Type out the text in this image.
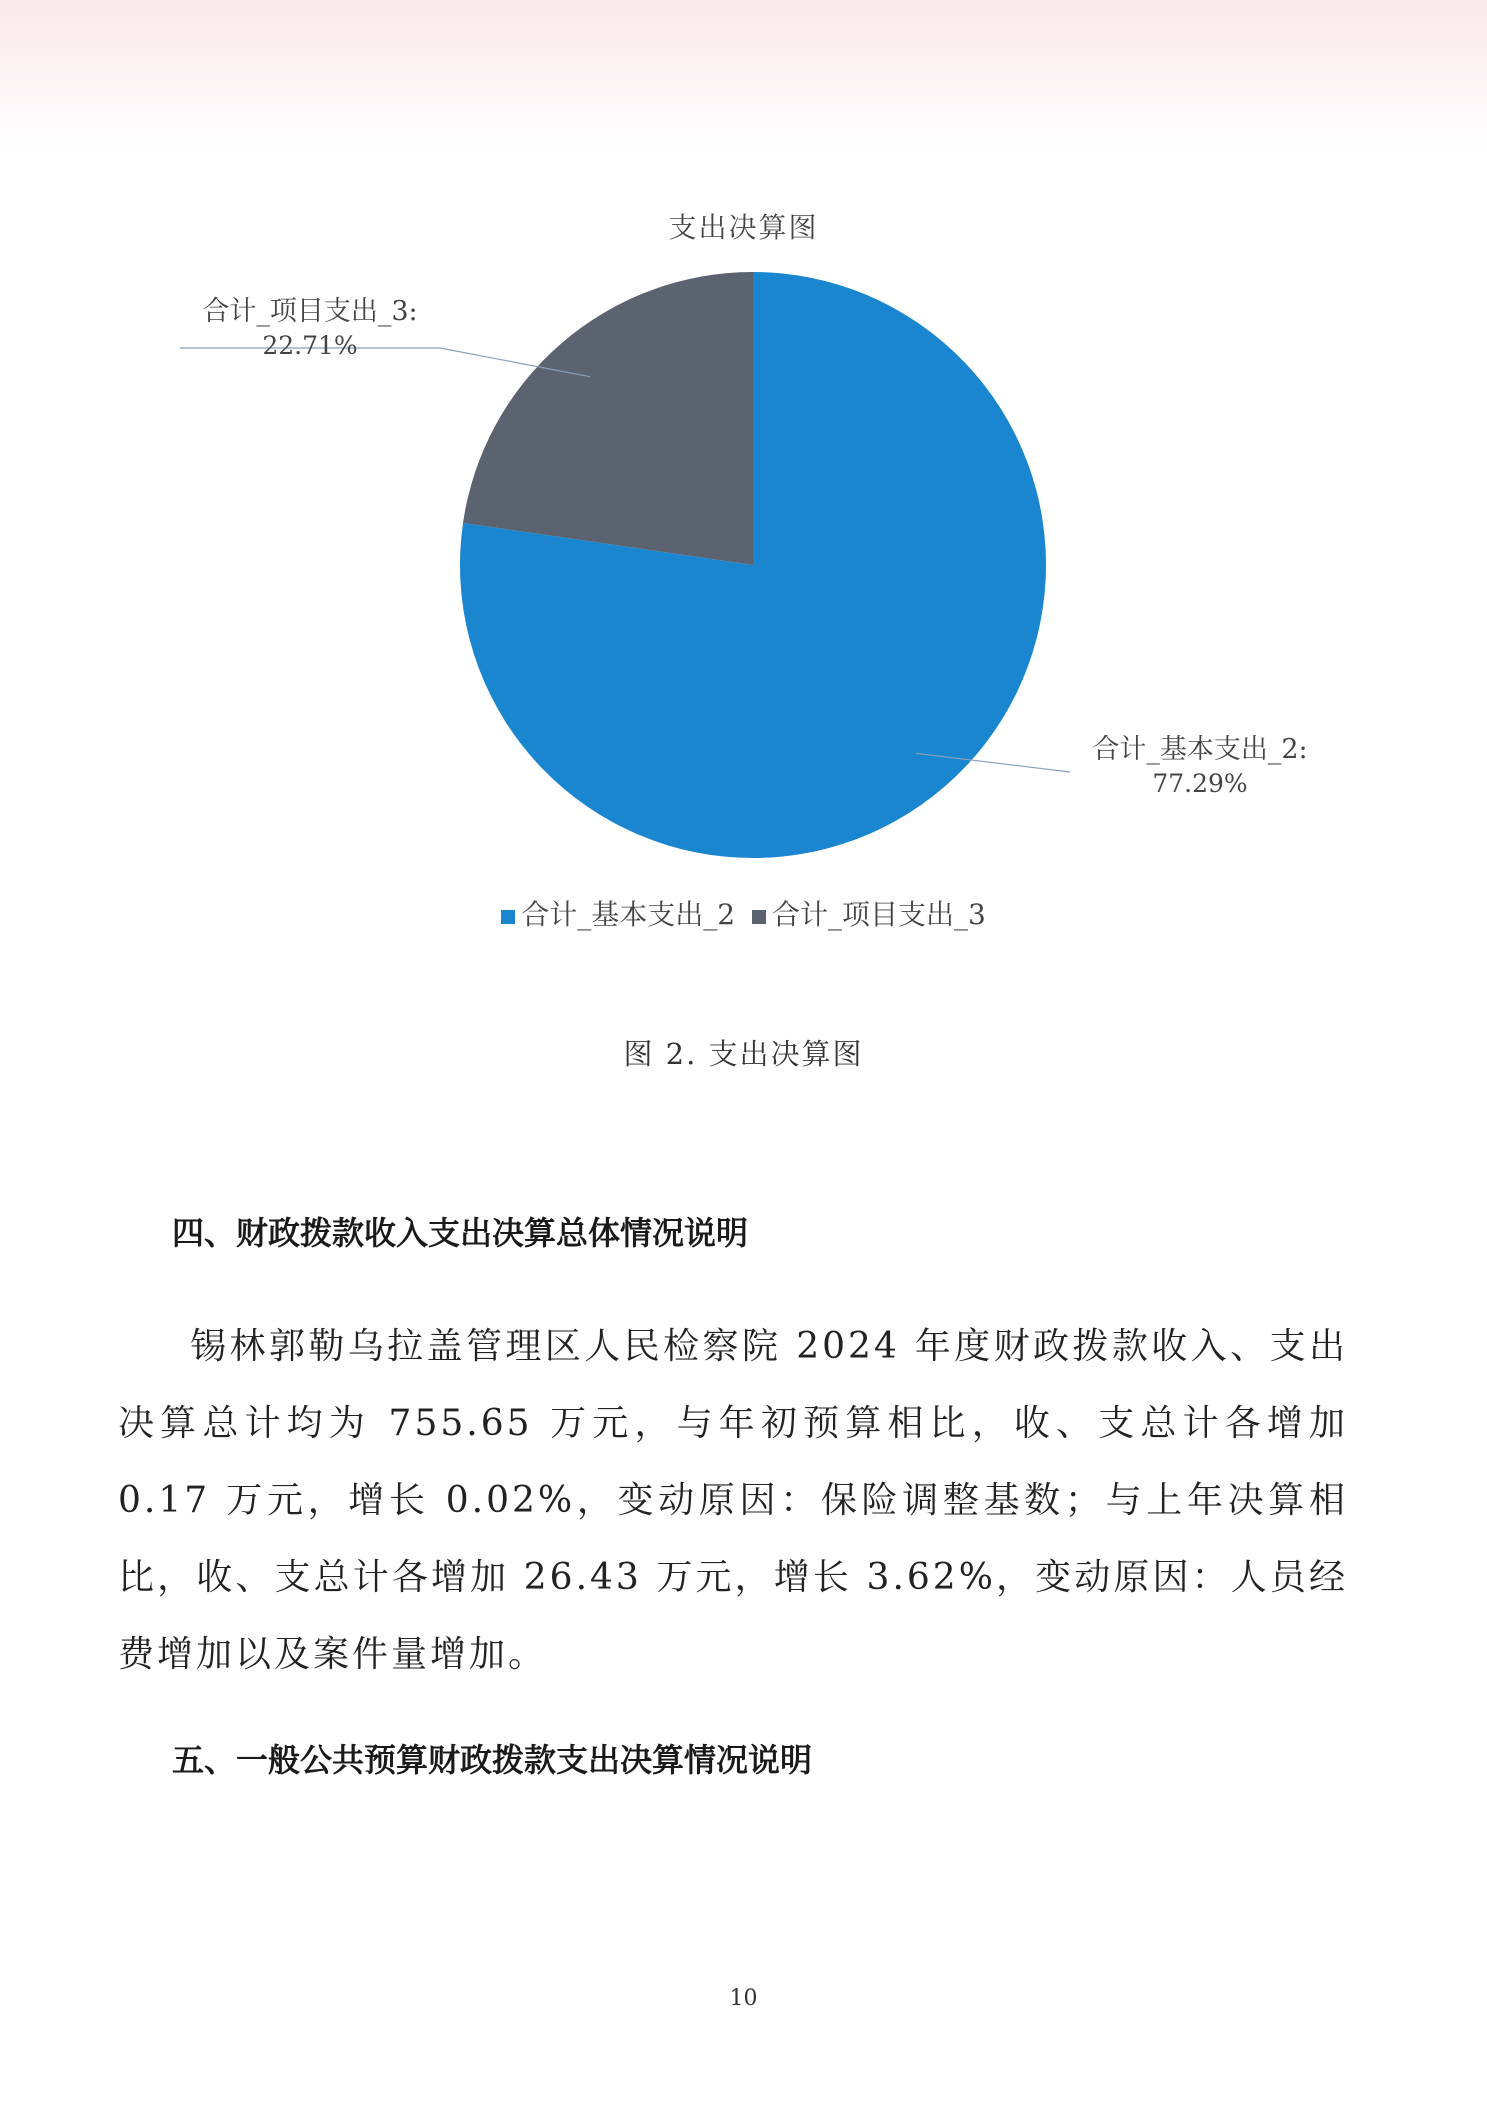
支出决算图
合计_基本支出_2:
77.29%
合计_项目支出_3:
22.71%
合计_基本支出_2 合计_项目支出_3
图 2. 支出决算图
四、财政拨款收入支出决算总体情况说明
锡林郭勒乌拉盖管理区人民检察院 2024 年度财政拨款收入、支出决算总计均为 755.65 万元，与年初预算相比，收、支总计各增加 0.17 万元，增长 0.02%，变动原因：保险调整基数；与上年决算相比，收、支总计各增加 26.43 万元，增长 3.62%，变动原因：人员经费增加以及案件量增加。
五、一般公共预算财政拨款支出决算情况说明
10
